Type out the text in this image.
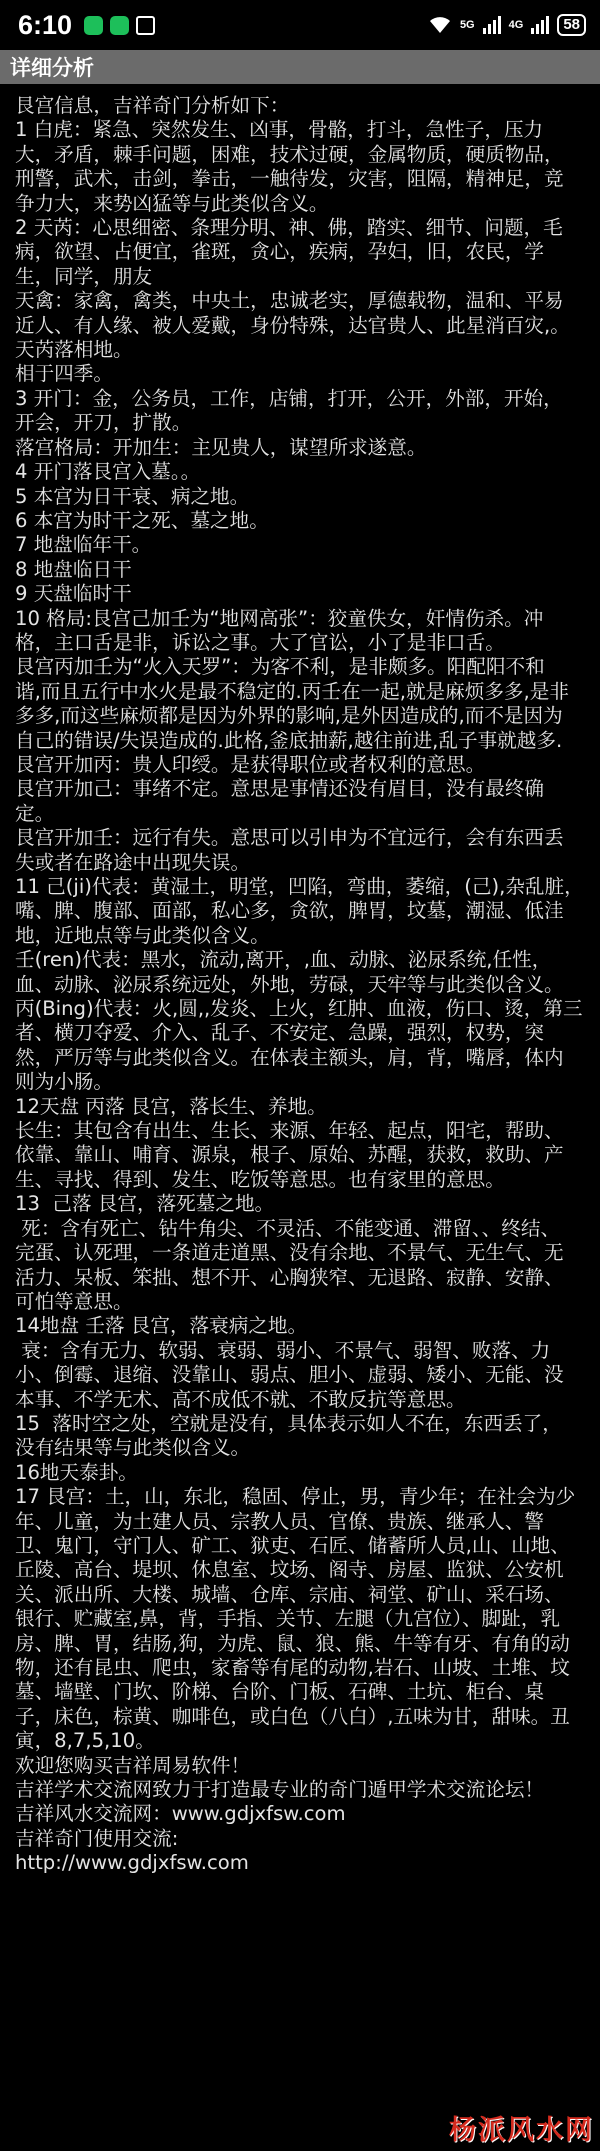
6:10	5G	4G	58
详细分析
艮宫信息，吉祥奇门分析如下：
1 白虎：紧急、突然发生、凶事，骨骼，打斗，急性子，压力
大，矛盾，棘手问题，困难，技术过硬，金属物质，硬质物品，
刑警，武术，击剑，拳击，一触待发，灾害，阻隔，精神足，竞
争力大，来势凶猛等与此类似含义。
2 天芮：心思细密、条理分明、神、佛，踏实、细节、问题，毛
病，欲望、占便宜，雀斑，贪心，疾病，孕妇，旧，农民，学
生，同学，朋友
天禽：家禽，禽类，中央土，忠诚老实，厚德载物，温和、平易
近人、有人缘、被人爱戴，身份特殊，达官贵人、此星消百灾,。
天芮落相地。
相于四季。
3 开门：金，公务员，工作，店铺，打开，公开，外部，开始，
开会，开刀，扩散。
落宫格局：开加生：主见贵人，谋望所求遂意。
4 开门落艮宫入墓。。
5 本宫为日干衰、病之地。
6 本宫为时干之死、墓之地。
7 地盘临年干。
8 地盘临日干
9 天盘临时干
10 格局:艮宫己加壬为“地网高张”：狡童佚女，奸情伤杀。冲
格，主口舌是非，诉讼之事。大了官讼，小了是非口舌。
艮宫丙加壬为“火入天罗”：为客不利，是非颇多。阳配阳不和
谐,而且五行中水火是最不稳定的.丙壬在一起,就是麻烦多多,是非
多多,而这些麻烦都是因为外界的影响,是外因造成的,而不是因为
自己的错误/失误造成的.此格,釜底抽薪,越往前进,乱子事就越多.
艮宫开加丙：贵人印绶。是获得职位或者权利的意思。
艮宫开加己：事绪不定。意思是事情还没有眉目，没有最终确
定。
艮宫开加壬：远行有失。意思可以引申为不宜远行，会有东西丢
失或者在路途中出现失误。
11 己(ji)代表：黄湿土，明堂，凹陷，弯曲，萎缩，(己),杂乱脏，
嘴、脾、腹部、面部，私心多，贪欲，脾胃，坟墓，潮湿、低洼
地，近地点等与此类似含义。
壬(ren)代表：黑水，流动,离开，,血、动脉、泌尿系统,任性，
血、动脉、泌尿系统远处，外地，劳碌，天牢等与此类似含义。
丙(Bing)代表：火,圆,,发炎、上火，红肿、血液，伤口、烫，第三
者、横刀夺爱、介入、乱子、不安定、急躁，强烈，权势，突
然，严厉等与此类似含义。在体表主额头，肩，背，嘴唇，体内
则为小肠。
12天盘 丙落 艮宫，落长生、养地。
长生：其包含有出生、生长、来源、年轻、起点，阳宅，帮助、
依靠、靠山、哺育、源泉，根子、原始、苏醒，获救，救助、产
生、寻找、得到、发生、吃饭等意思。也有家里的意思。
13  己落 艮宫，落死墓之地。
死：含有死亡、钻牛角尖、不灵活、不能变通、滞留、、终结、
完蛋、认死理，一条道走道黑、没有余地、不景气、无生气、无
活力、呆板、笨拙、想不开、心胸狭窄、无退路、寂静、安静、
可怕等意思。
14地盘 壬落 艮宫，落衰病之地。
衰：含有无力、软弱、衰弱、弱小、不景气、弱智、败落、力
小、倒霉、退缩、没靠山、弱点、胆小、虚弱、矮小、无能、没
本事、不学无术、高不成低不就、不敢反抗等意思。
15  落时空之处，空就是没有，具体表示如人不在，东西丢了，
没有结果等与此类似含义。
16地天泰卦。
17 艮宫：土，山，东北，稳固、停止，男，青少年；在社会为少
年、儿童，为土建人员、宗教人员、官僚、贵族、继承人、警
卫、鬼门，守门人、矿工、狱吏、石匠、储蓄所人员,山、山地、
丘陵、高台、堤坝、休息室、坟场、阁寺、房屋、监狱、公安机
关、派出所、大楼、城墙、仓库、宗庙、祠堂、矿山、采石场、
银行、贮藏室,鼻，背，手指、关节、左腿（九宫位）、脚趾，乳
房、脾、胃，结肠,狗，为虎、鼠、狼、熊、牛等有牙、有角的动
物，还有昆虫、爬虫，家畜等有尾的动物,岩石、山坡、土堆、坟
墓、墙壁、门坎、阶梯、台阶、门板、石碑、土坑、柜台、桌
子，床色，棕黄、咖啡色，或白色（八白）,五味为甘，甜味。丑
寅，8,7,5,10。
欢迎您购买吉祥周易软件！
吉祥学术交流网致力于打造最专业的奇门遁甲学术交流论坛！
吉祥风水交流网：www.gdjxfsw.com
吉祥奇门使用交流:
http://www.gdjxfsw.com
杨派风水网
